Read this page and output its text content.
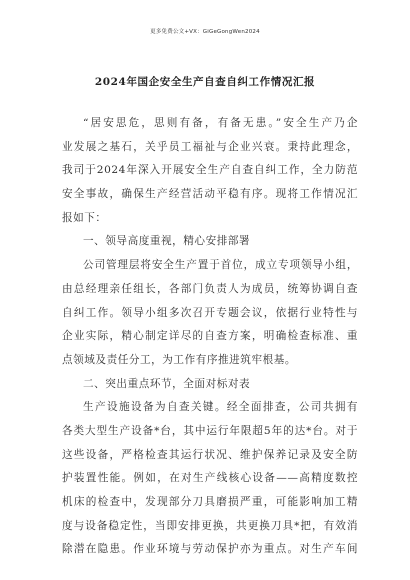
更多免费公文+VX：GiGeGongWen2024
2024年国企安全生产自查自纠工作情况汇报
“居安思危，思则有备，有备无患。”安全生产乃企
业发展之基石，关乎员工福祉与企业兴衰。秉持此理念，
我司于2024年深入开展安全生产自查自纠工作，全力防范
安全事故，确保生产经营活动平稳有序。现将工作情况汇
报如下：
一、领导高度重视，精心安排部署
公司管理层将安全生产置于首位，成立专项领导小组，
由总经理亲任组长，各部门负责人为成员，统筹协调自查
自纠工作。领导小组多次召开专题会议，依据行业特性与
企业实际，精心制定详尽的自查方案，明确检查标准、重
点领域及责任分工，为工作有序推进筑牢根基。
二、突出重点环节，全面对标对表
生产设施设备为自查关键。经全面排查，公司共拥有
各类大型生产设备*台，其中运行年限超5年的达*台。对于
这些设备，严格检查其运行状况、维护保养记录及安全防
护装置性能。例如，在对生产线核心设备——高精度数控
机床的检查中，发现部分刀具磨损严重，可能影响加工精
度与设备稳定性，当即安排更换，共更换刀具*把，有效消
除潜在隐患。作业环境与劳动保护亦为重点。对生产车间
